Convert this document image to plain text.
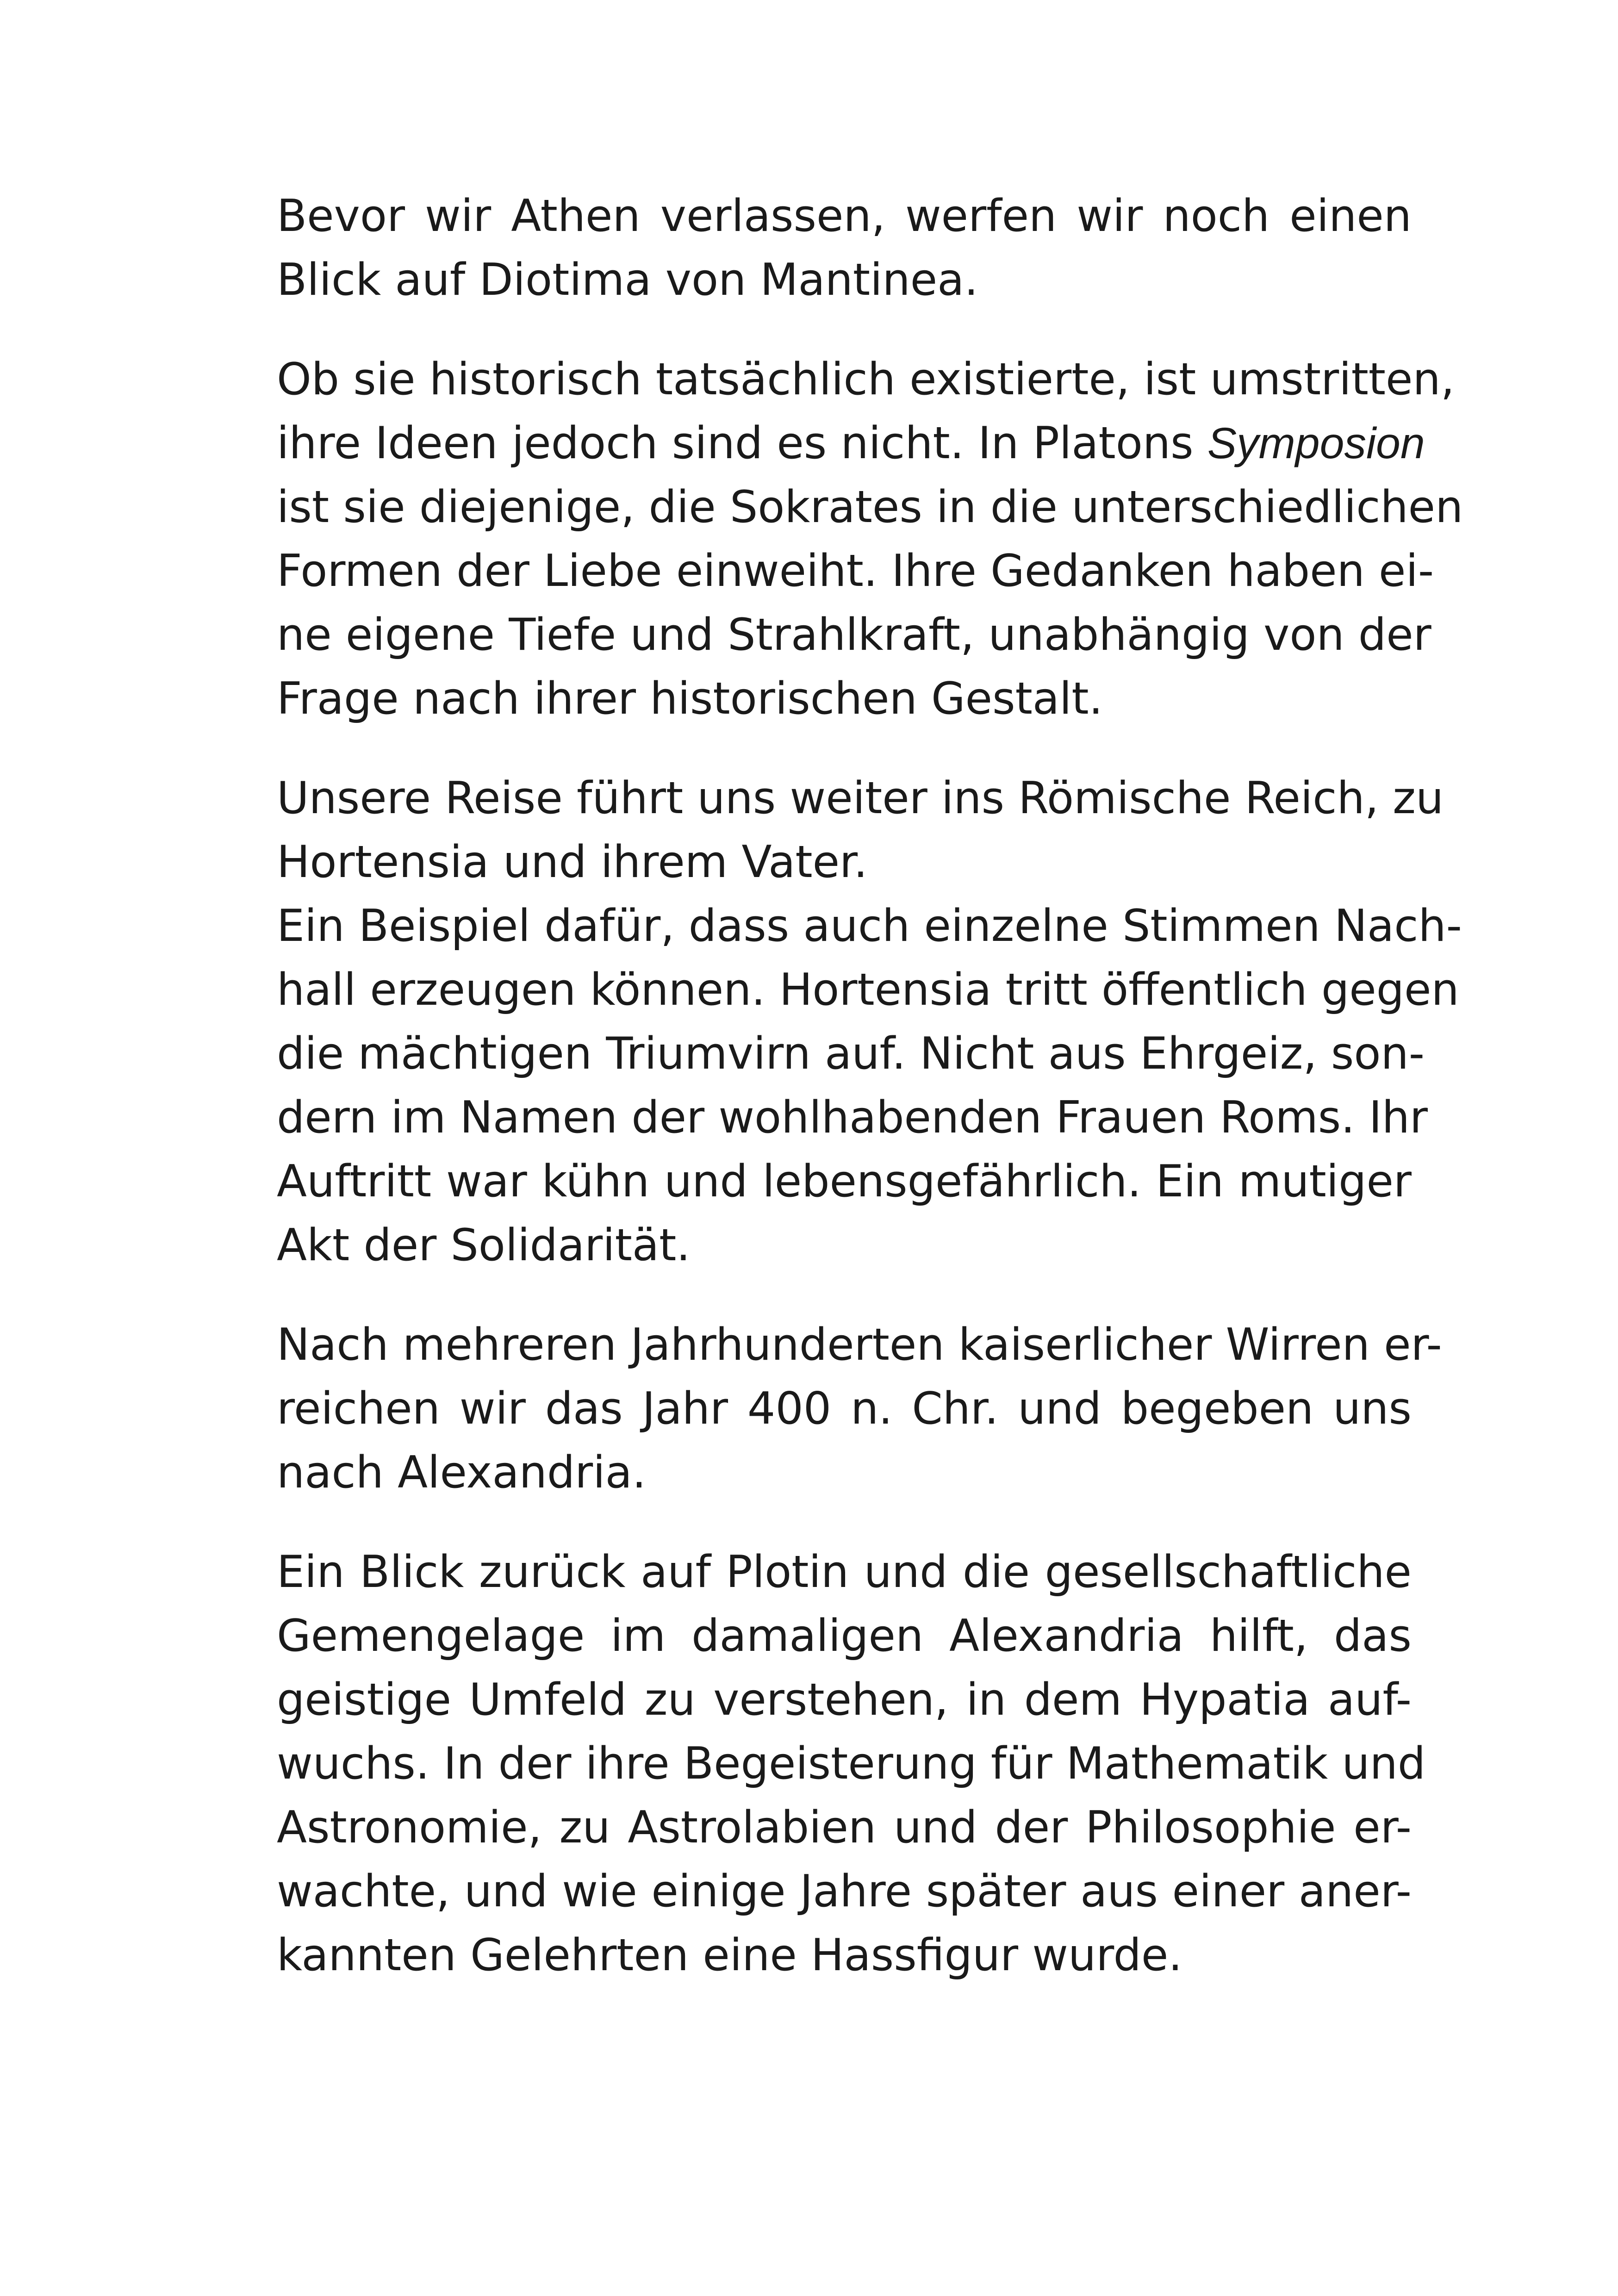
Bevor wir Athen verlassen, werfen wir noch einen
Blick auf Diotima von Mantinea.
Ob sie historisch tatsächlich existierte, ist umstritten,
ihre Ideen jedoch sind es nicht. In Platons Symposion
ist sie diejenige, die Sokrates in die unterschiedlichen
Formen der Liebe einweiht. Ihre Gedanken haben ei-
ne eigene Tiefe und Strahlkraft, unabhängig von der
Frage nach ihrer historischen Gestalt.
Unsere Reise führt uns weiter ins Römische Reich, zu
Hortensia und ihrem Vater.
Ein Beispiel dafür, dass auch einzelne Stimmen Nach-
hall erzeugen können. Hortensia tritt öffentlich gegen
die mächtigen Triumvirn auf. Nicht aus Ehrgeiz, son-
dern im Namen der wohlhabenden Frauen Roms. Ihr
Auftritt war kühn und lebensgefährlich. Ein mutiger
Akt der Solidarität.
Nach mehreren Jahrhunderten kaiserlicher Wirren er-
reichen wir das Jahr 400 n. Chr. und begeben uns
nach Alexandria.
Ein Blick zurück auf Plotin und die gesellschaftliche
Gemengelage im damaligen Alexandria hilft, das
geistige Umfeld zu verstehen, in dem Hypatia auf-
wuchs. In der ihre Begeisterung für Mathematik und
Astronomie, zu Astrolabien und der Philosophie er-
wachte, und wie einige Jahre später aus einer aner-
kannten Gelehrten eine Hassfigur wurde.
